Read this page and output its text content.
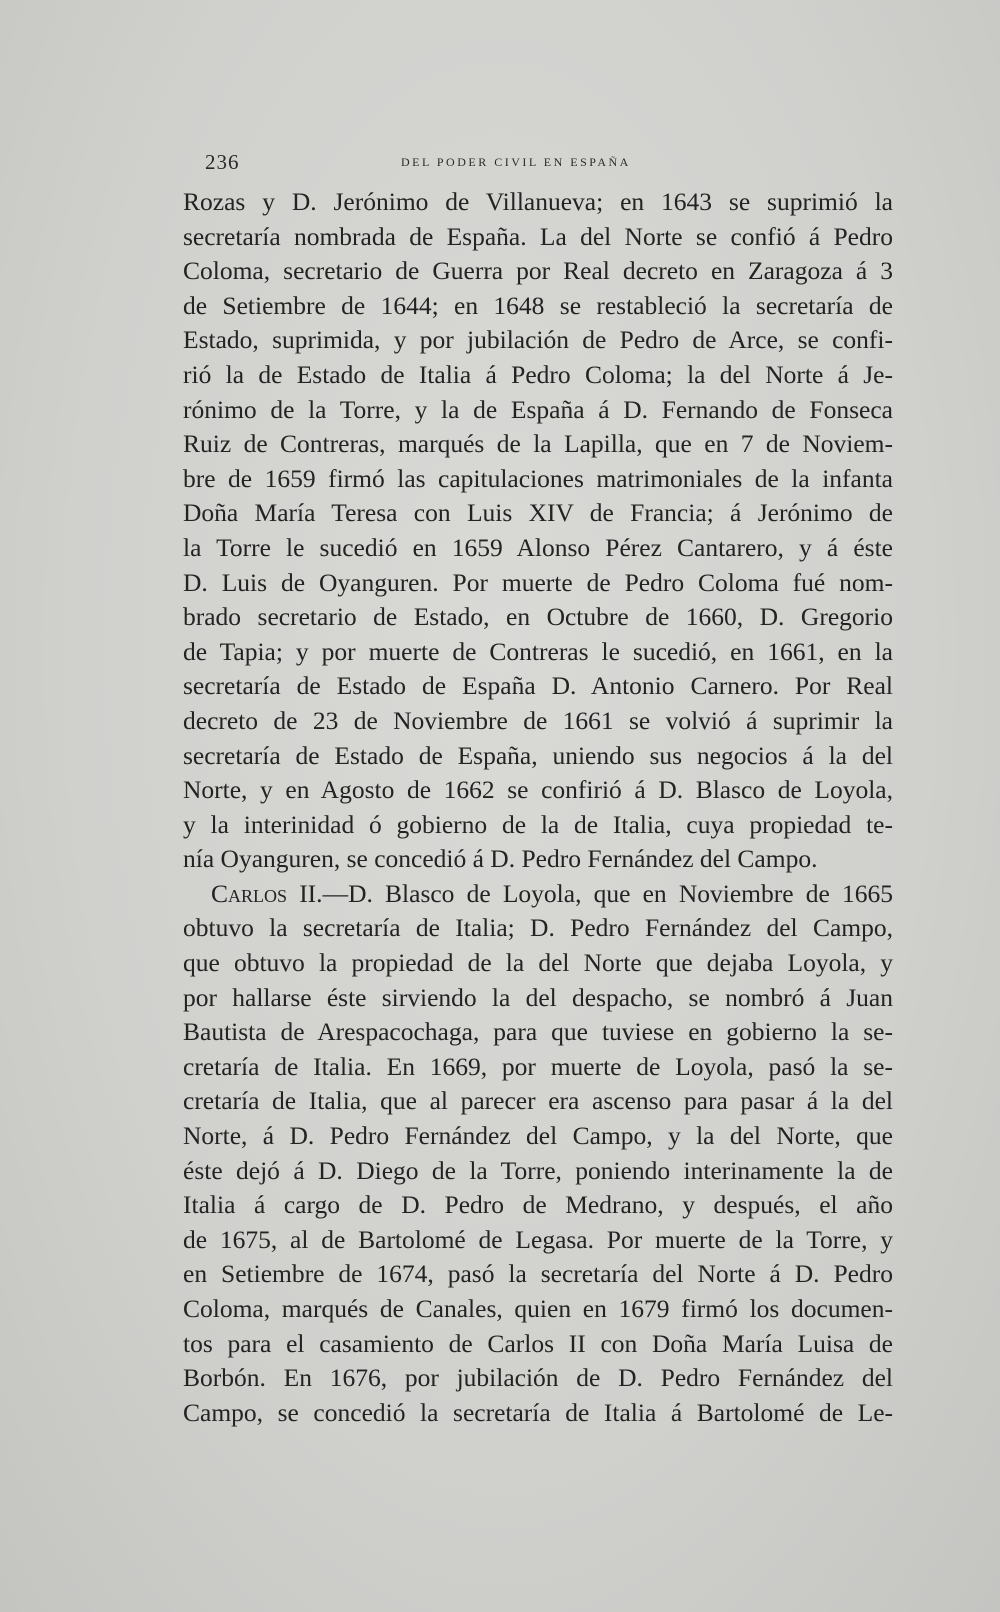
236	DEL PODER CIVIL EN ESPAÑA
Rozas y D. Jerónimo de Villanueva; en 1643 se suprimió la
secretaría nombrada de España. La del Norte se confió á Pedro
Coloma, secretario de Guerra por Real decreto en Zaragoza á 3
de Setiembre de 1644; en 1648 se restableció la secretaría de
Estado, suprimida, y por jubilación de Pedro de Arce, se confi-
rió la de Estado de Italia á Pedro Coloma; la del Norte á Je-
rónimo de la Torre, y la de España á D. Fernando de Fonseca
Ruiz de Contreras, marqués de la Lapilla, que en 7 de Noviem-
bre de 1659 firmó las capitulaciones matrimoniales de la infanta
Doña María Teresa con Luis XIV de Francia; á Jerónimo de
la Torre le sucedió en 1659 Alonso Pérez Cantarero, y á éste
D. Luis de Oyanguren. Por muerte de Pedro Coloma fué nom-
brado secretario de Estado, en Octubre de 1660, D. Gregorio
de Tapia; y por muerte de Contreras le sucedió, en 1661, en la
secretaría de Estado de España D. Antonio Carnero. Por Real
decreto de 23 de Noviembre de 1661 se volvió á suprimir la
secretaría de Estado de España, uniendo sus negocios á la del
Norte, y en Agosto de 1662 se confirió á D. Blasco de Loyola,
y la interinidad ó gobierno de la de Italia, cuya propiedad te-
nía Oyanguren, se concedió á D. Pedro Fernández del Campo.
Carlos II.—D. Blasco de Loyola, que en Noviembre de 1665
obtuvo la secretaría de Italia; D. Pedro Fernández del Campo,
que obtuvo la propiedad de la del Norte que dejaba Loyola, y
por hallarse éste sirviendo la del despacho, se nombró á Juan
Bautista de Arespacochaga, para que tuviese en gobierno la se-
cretaría de Italia. En 1669, por muerte de Loyola, pasó la se-
cretaría de Italia, que al parecer era ascenso para pasar á la del
Norte, á D. Pedro Fernández del Campo, y la del Norte, que
éste dejó á D. Diego de la Torre, poniendo interinamente la de
Italia á cargo de D. Pedro de Medrano, y después, el año
de 1675, al de Bartolomé de Legasa. Por muerte de la Torre, y
en Setiembre de 1674, pasó la secretaría del Norte á D. Pedro
Coloma, marqués de Canales, quien en 1679 firmó los documen-
tos para el casamiento de Carlos II con Doña María Luisa de
Borbón. En 1676, por jubilación de D. Pedro Fernández del
Campo, se concedió la secretaría de Italia á Bartolomé de Le-
